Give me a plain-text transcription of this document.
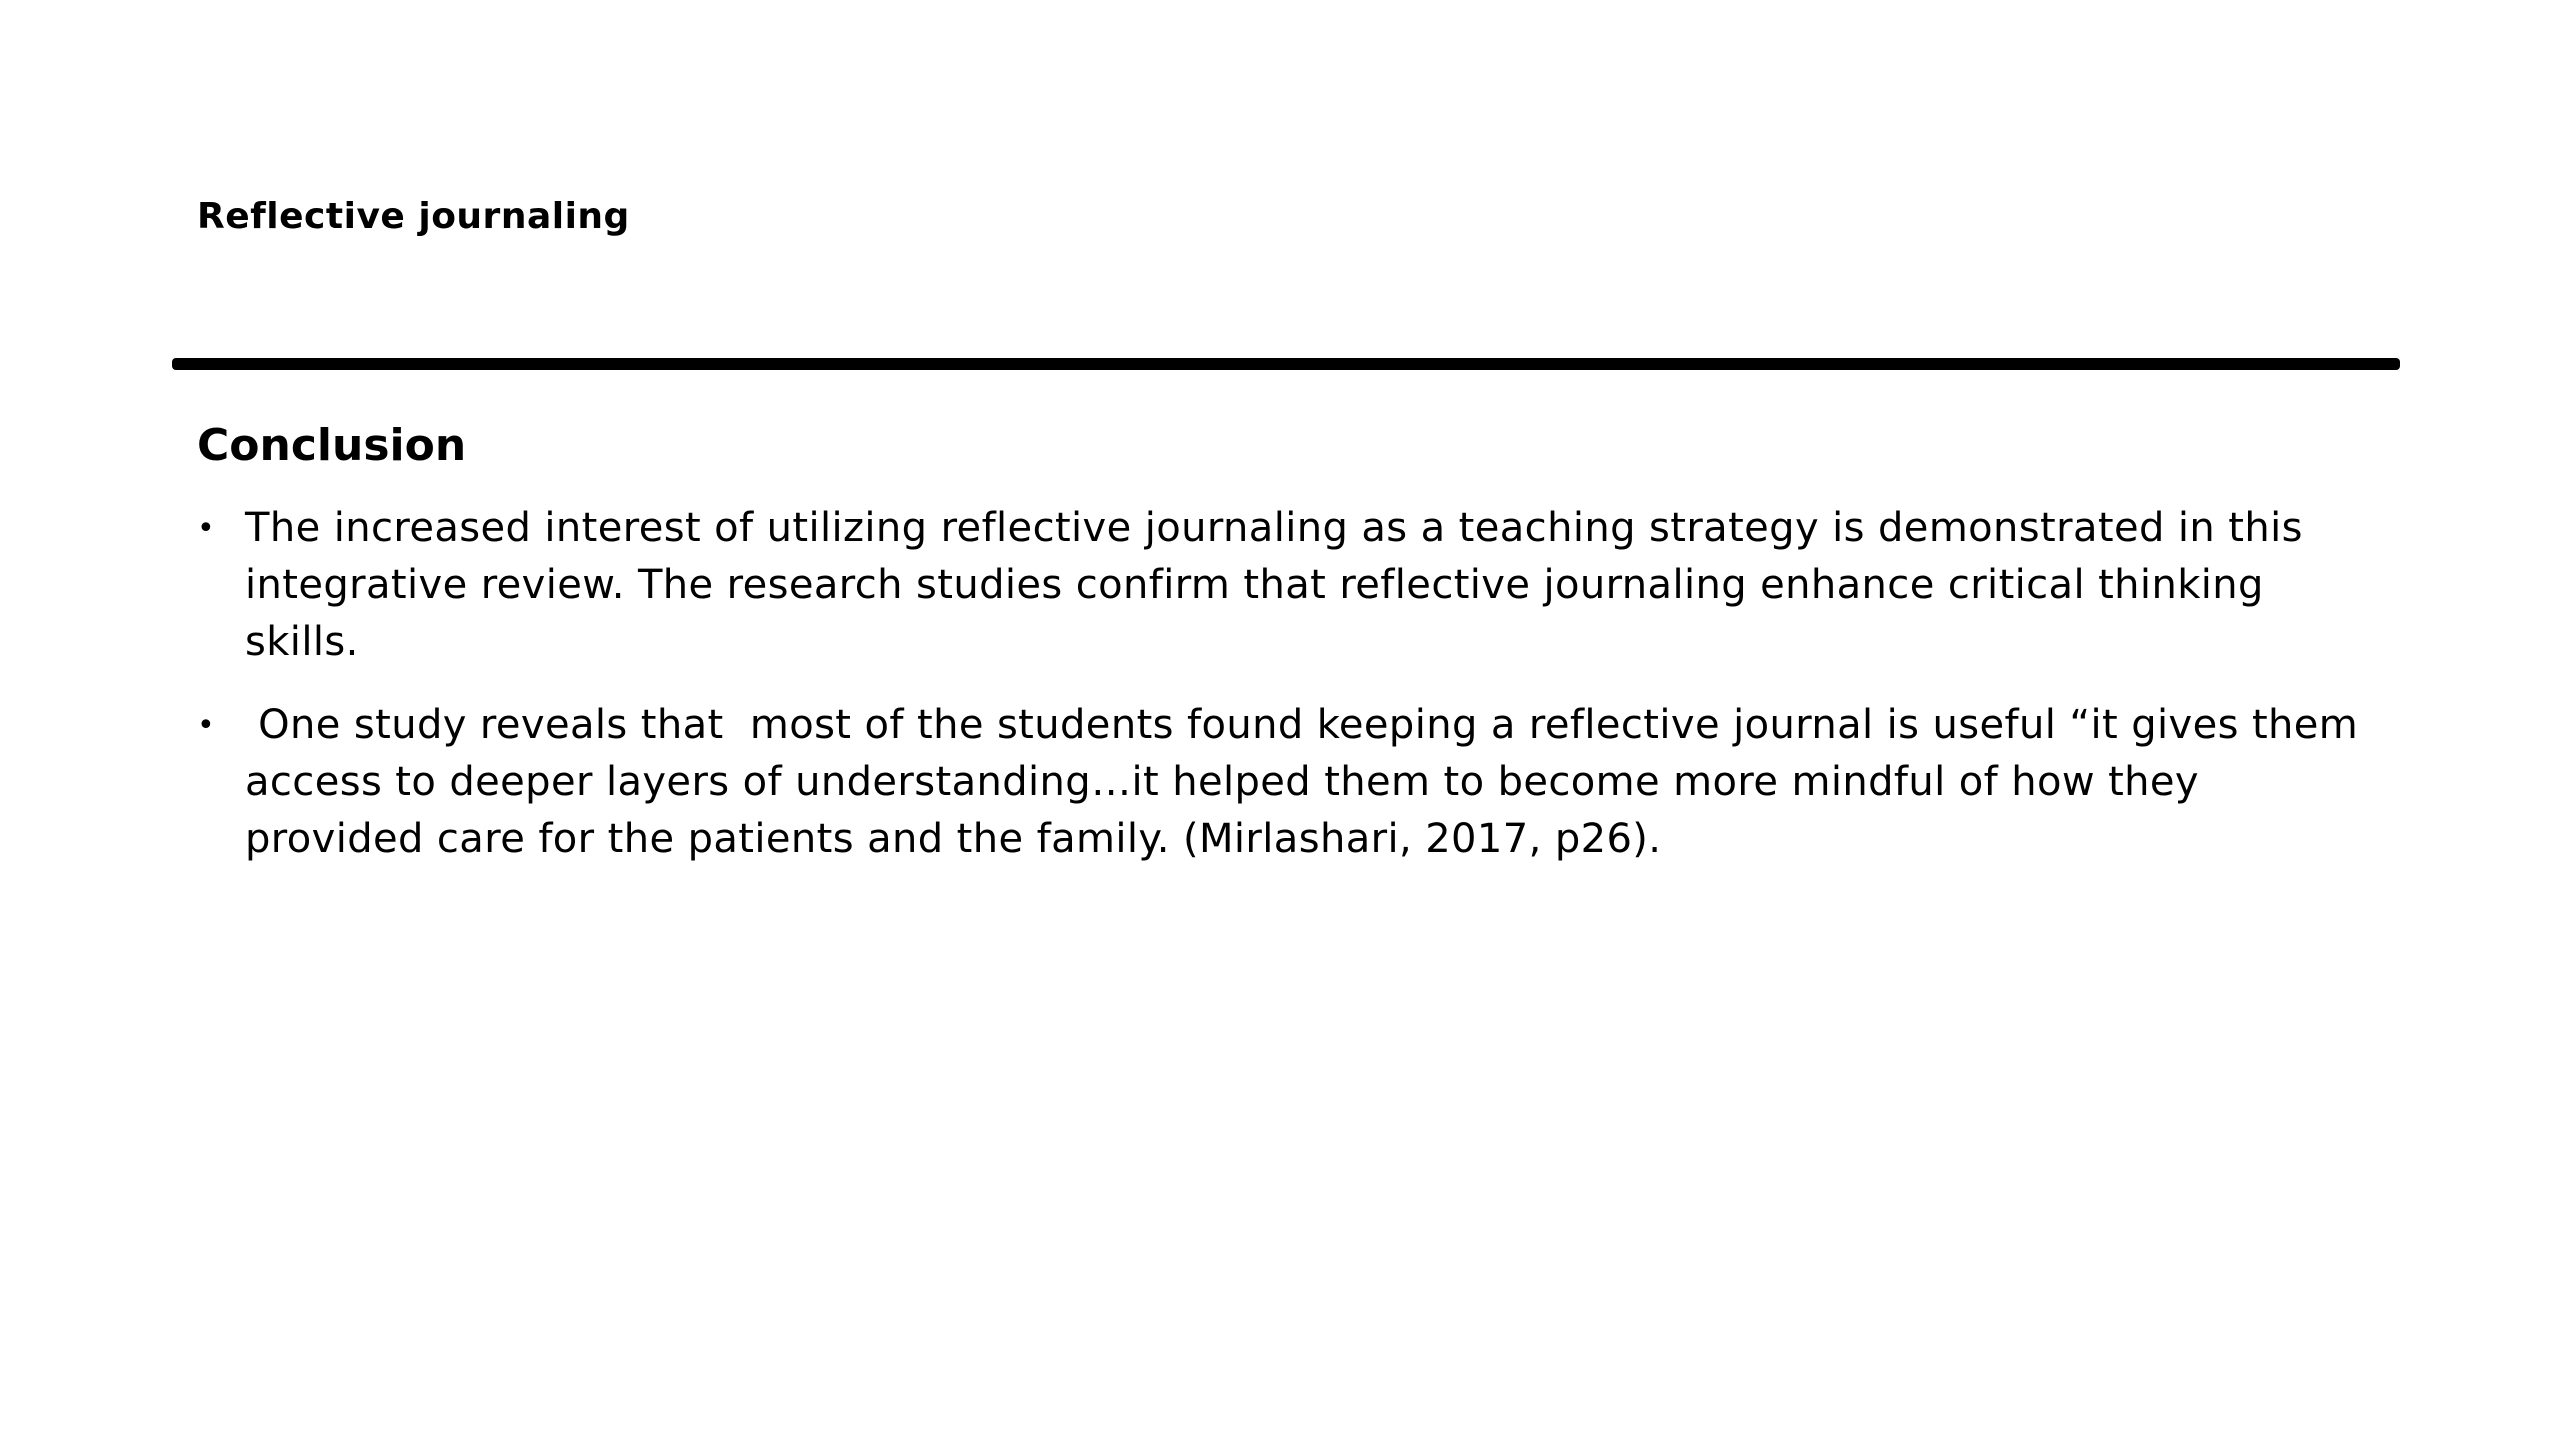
Reflective journaling
Conclusion
• The increased interest of utilizing reflective journaling as a teaching strategy is demonstrated in this integrative review. The research studies confirm that reflective journaling enhance critical thinking skills.
• One study reveals that  most of the students found keeping a reflective journal is useful “it gives them access to deeper layers of understanding…it helped them to become more mindful of how they provided care for the patients and the family. (Mirlashari, 2017, p26).
